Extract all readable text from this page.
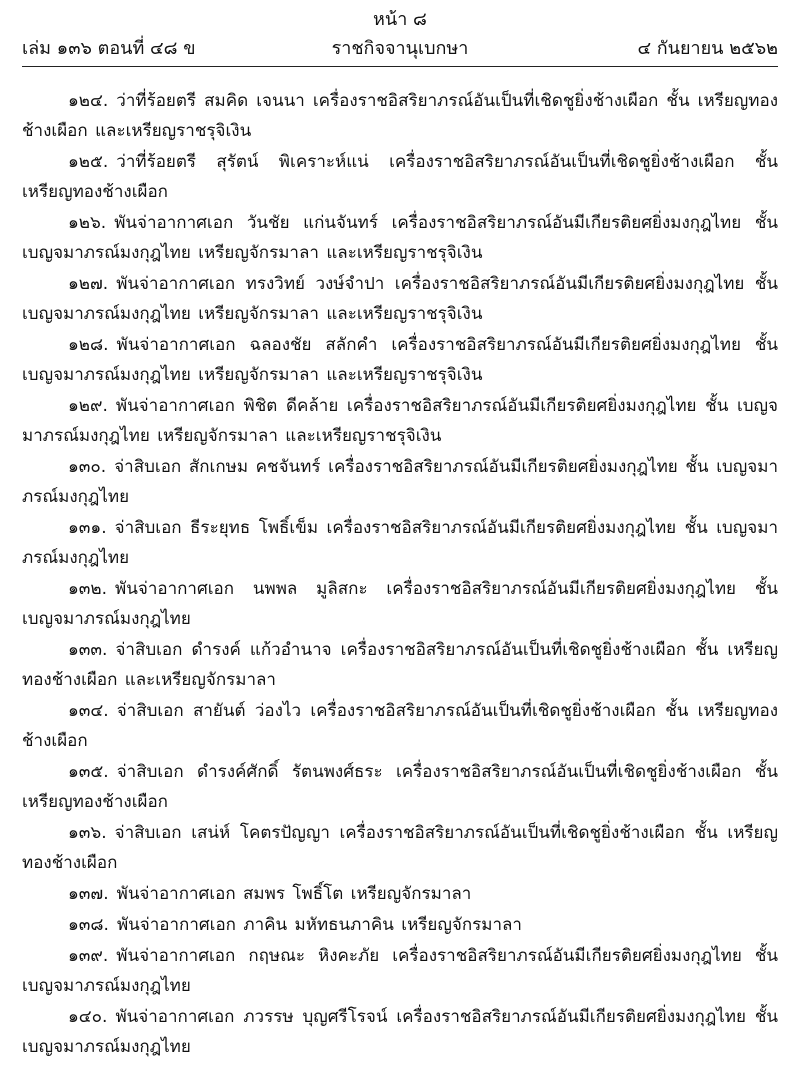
หน้า ๘
เล่ม ๑๓๖ ตอนที่ ๔๘ ข	ราชกิจจานุเบกษา	๔ กันยายน ๒๕๖๒

๑๒๔. ว่าที่ร้อยตรี สมคิด เจนนา เครื่องราชอิสริยาภรณ์อันเป็นที่เชิดชูยิ่งช้างเผือก ชั้น เหรียญทองช้างเผือก และเหรียญราชรุจิเงิน

๑๒๕. ว่าที่ร้อยตรี สุรัตน์ พิเคราะห์แน่ เครื่องราชอิสริยาภรณ์อันเป็นที่เชิดชูยิ่งช้างเผือก ชั้น เหรียญทองช้างเผือก

๑๒๖. พันจ่าอากาศเอก วันชัย แก่นจันทร์ เครื่องราชอิสริยาภรณ์อันมีเกียรติยศยิ่งมงกุฎไทย ชั้น เบญจมาภรณ์มงกุฎไทย เหรียญจักรมาลา และเหรียญราชรุจิเงิน

๑๒๗. พันจ่าอากาศเอก ทรงวิทย์ วงษ์จำปา เครื่องราชอิสริยาภรณ์อันมีเกียรติยศยิ่งมงกุฎไทย ชั้น เบญจมาภรณ์มงกุฎไทย เหรียญจักรมาลา และเหรียญราชรุจิเงิน

๑๒๘. พันจ่าอากาศเอก ฉลองชัย สลักคำ เครื่องราชอิสริยาภรณ์อันมีเกียรติยศยิ่งมงกุฎไทย ชั้น เบญจมาภรณ์มงกุฎไทย เหรียญจักรมาลา และเหรียญราชรุจิเงิน

๑๒๙. พันจ่าอากาศเอก พิชิต ดีคล้าย เครื่องราชอิสริยาภรณ์อันมีเกียรติยศยิ่งมงกุฎไทย ชั้น เบญจมาภรณ์มงกุฎไทย เหรียญจักรมาลา และเหรียญราชรุจิเงิน

๑๓๐. จ่าสิบเอก สักเกษม คชจันทร์ เครื่องราชอิสริยาภรณ์อันมีเกียรติยศยิ่งมงกุฎไทย ชั้น เบญจมาภรณ์มงกุฎไทย

๑๓๑. จ่าสิบเอก ธีระยุทธ โพธิ์เข็ม เครื่องราชอิสริยาภรณ์อันมีเกียรติยศยิ่งมงกุฎไทย ชั้น เบญจมาภรณ์มงกุฎไทย

๑๓๒. พันจ่าอากาศเอก นพพล มูลิสกะ เครื่องราชอิสริยาภรณ์อันมีเกียรติยศยิ่งมงกุฎไทย ชั้น เบญจมาภรณ์มงกุฎไทย

๑๓๓. จ่าสิบเอก ดำรงค์ แก้วอำนาจ เครื่องราชอิสริยาภรณ์อันเป็นที่เชิดชูยิ่งช้างเผือก ชั้น เหรียญทองช้างเผือก และเหรียญจักรมาลา

๑๓๔. จ่าสิบเอก สายันต์ ว่องไว เครื่องราชอิสริยาภรณ์อันเป็นที่เชิดชูยิ่งช้างเผือก ชั้น เหรียญทองช้างเผือก

๑๓๕. จ่าสิบเอก ดำรงค์ศักดิ์ รัตนพงศ์ธระ เครื่องราชอิสริยาภรณ์อันเป็นที่เชิดชูยิ่งช้างเผือก ชั้น เหรียญทองช้างเผือก

๑๓๖. จ่าสิบเอก เสน่ห์ โคตรปัญญา เครื่องราชอิสริยาภรณ์อันเป็นที่เชิดชูยิ่งช้างเผือก ชั้น เหรียญทองช้างเผือก

๑๓๗. พันจ่าอากาศเอก สมพร โพธิ์โต เหรียญจักรมาลา

๑๓๘. พันจ่าอากาศเอก ภาคิน มหัทธนภาคิน เหรียญจักรมาลา

๑๓๙. พันจ่าอากาศเอก กฤษณะ หิงคะภัย เครื่องราชอิสริยาภรณ์อันมีเกียรติยศยิ่งมงกุฎไทย ชั้น เบญจมาภรณ์มงกุฎไทย

๑๔๐. พันจ่าอากาศเอก ภวรรษ บุญศรีโรจน์ เครื่องราชอิสริยาภรณ์อันมีเกียรติยศยิ่งมงกุฎไทย ชั้น เบญจมาภรณ์มงกุฎไทย
